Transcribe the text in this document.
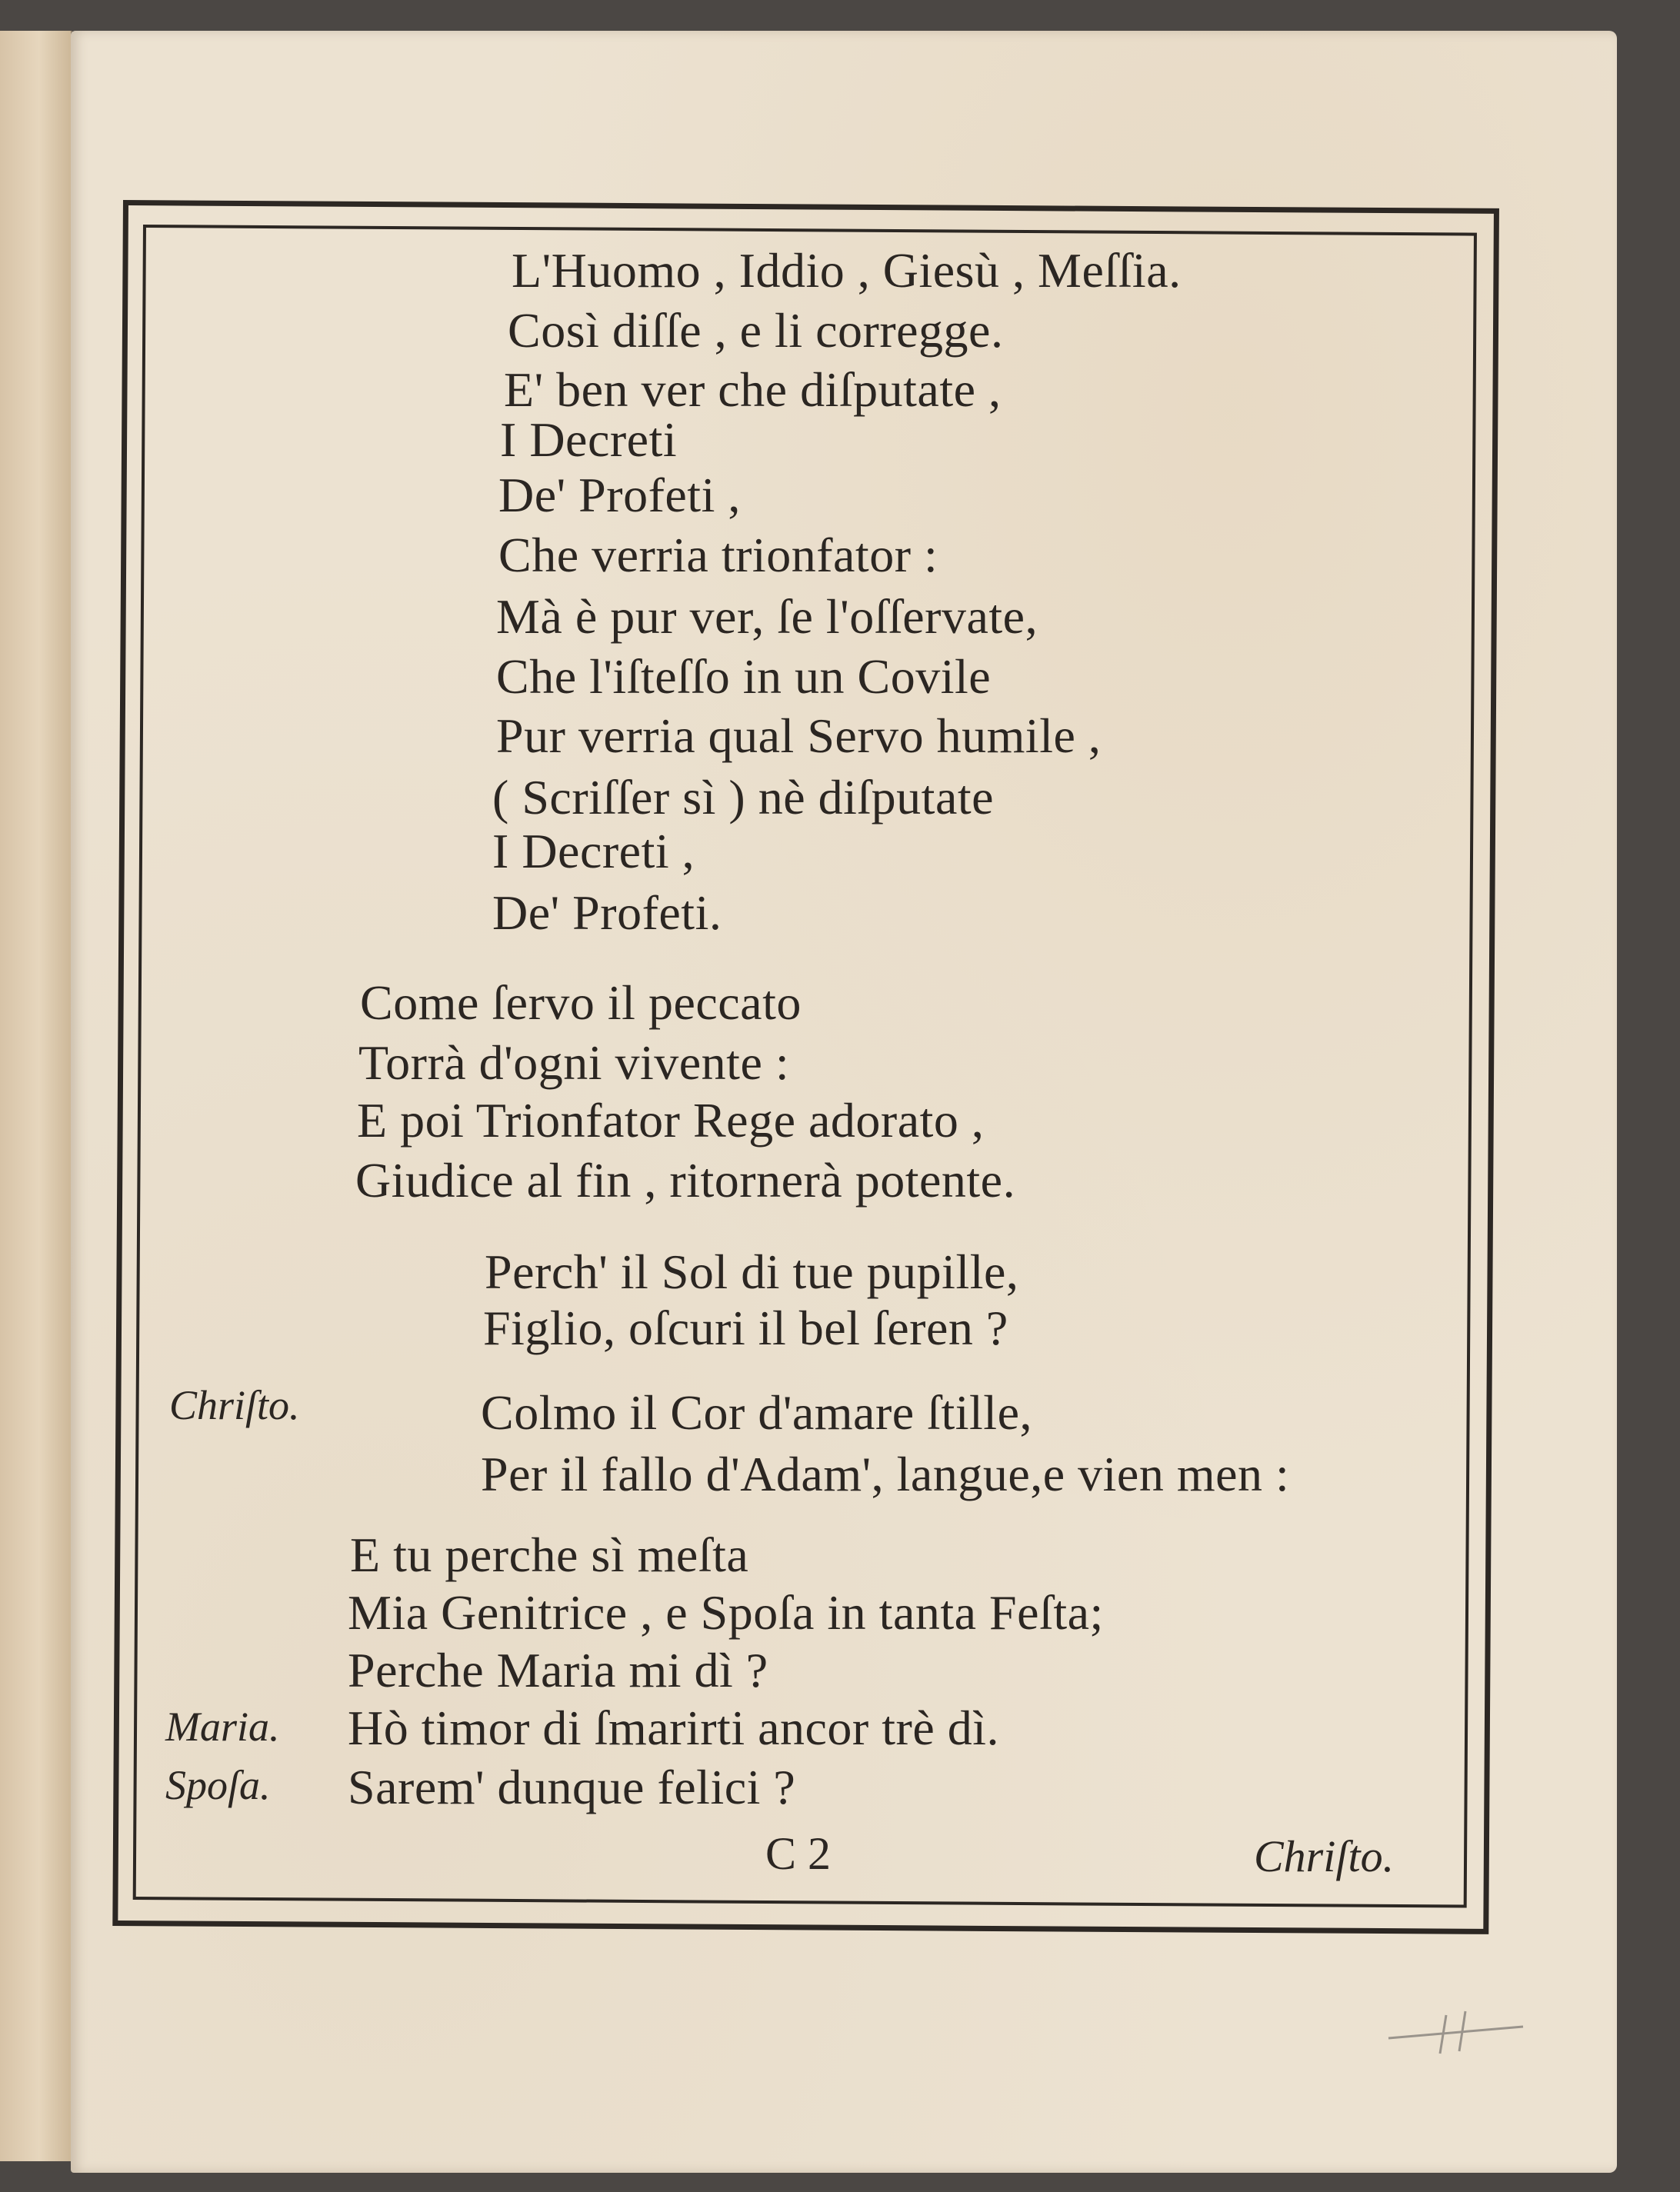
L'Huomo , Iddio , Giesù , Meſſia.
Così diſſe , e li corregge.
E' ben ver che diſputate ,
I Decreti
De' Profeti ,
Che verria trionfator :
Mà è pur ver, ſe l'oſſervate,
Che l'iſteſſo in un Covile
Pur verria qual Servo humile ,
( Scriſſer sì ) nè diſputate
I Decreti ,
De' Profeti.
Come ſervo il peccato
Torrà d'ogni vivente :
E poi Trionfator Rege adorato ,
Giudice al fin , ritornerà potente.
Perch' il Sol di tue pupille,
Figlio, oſcuri il bel ſeren ?
Chriſto.	Colmo il Cor d'amare ſtille,
Per il fallo d'Adam', langue,e vien men :
E tu perche sì meſta
Mia Genitrice , e Spoſa in tanta Feſta;
Perche Maria mi dì ?
Maria. Hò timor di ſmarirti ancor trè dì.
Spoſa. Sarem' dunque felici ?
C 2	Chriſto.
